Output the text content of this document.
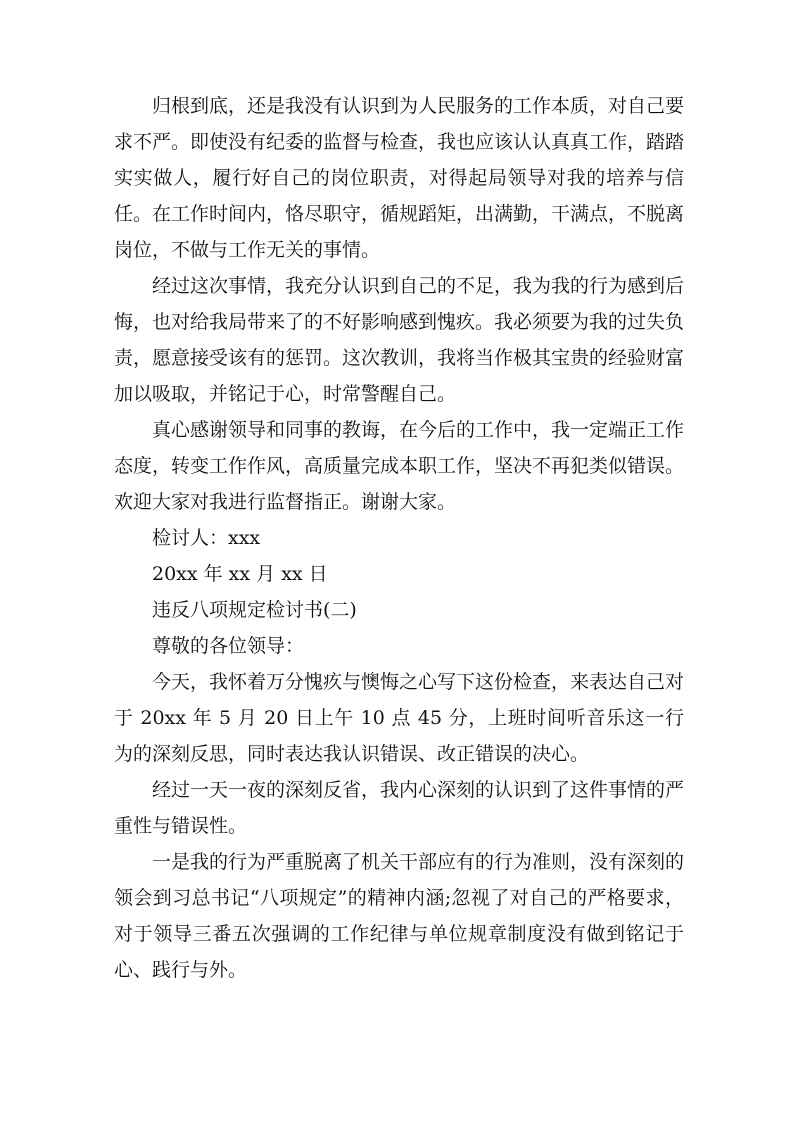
归根到底，还是我没有认识到为人民服务的工作本质，对自己要求不严。即使没有纪委的监督与检查，我也应该认认真真工作，踏踏实实做人，履行好自己的岗位职责，对得起局领导对我的培养与信任。在工作时间内，恪尽职守，循规蹈矩，出满勤，干满点，不脱离岗位，不做与工作无关的事情。

经过这次事情，我充分认识到自己的不足，我为我的行为感到后悔，也对给我局带来了的不好影响感到愧疚。我必须要为我的过失负责，愿意接受该有的惩罚。这次教训，我将当作极其宝贵的经验财富加以吸取，并铭记于心，时常警醒自己。

真心感谢领导和同事的教诲，在今后的工作中，我一定端正工作态度，转变工作作风，高质量完成本职工作，坚决不再犯类似错误。欢迎大家对我进行监督指正。谢谢大家。

检讨人：xxx

20xx 年 xx 月 xx 日

违反八项规定检讨书(二)

尊敬的各位领导：

今天，我怀着万分愧疚与懊悔之心写下这份检查，来表达自己对于 20xx 年 5 月 20 日上午 10 点 45 分，上班时间听音乐这一行为的深刻反思，同时表达我认识错误、改正错误的决心。

经过一天一夜的深刻反省，我内心深刻的认识到了这件事情的严重性与错误性。

一是我的行为严重脱离了机关干部应有的行为准则，没有深刻的领会到习总书记“八项规定”的精神内涵;忽视了对自己的严格要求，对于领导三番五次强调的工作纪律与单位规章制度没有做到铭记于心、践行与外。
